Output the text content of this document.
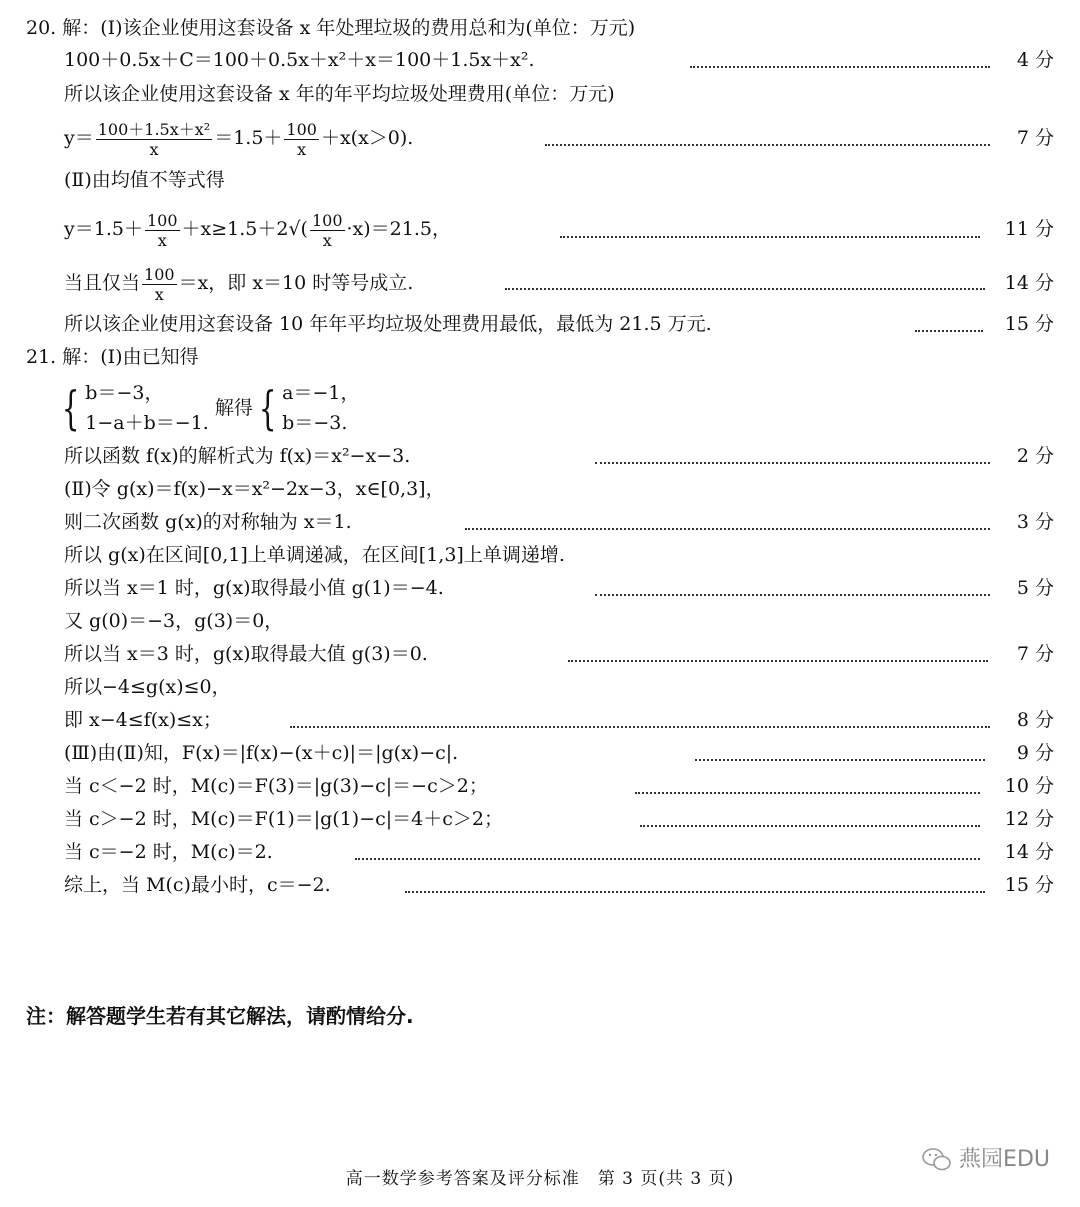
20. 解：(Ⅰ)该企业使用这套设备 x 年处理垃圾的费用总和为(单位：万元)
100＋0.5x＋C＝100＋0.5x＋x²＋x＝100＋1.5x＋x².	4 分
所以该企业使用这套设备 x 年的年平均垃圾处理费用(单位：万元)
$y= \frac{\text{100＋1.5x＋x²}}{x} =1.5+ \frac{100}{x} +x(x>0)$.	7 分
(Ⅱ)由均值不等式得
$y=1.5+ \frac{100}{x} +x\ge 1.5+2√( \frac{100}{x} \cdot x)=21.5$，	11 分
当且仅当 $\frac{100}{x} =x$，即 x＝10 时等号成立.	14 分
所以该企业使用这套设备 10 年年平均垃圾处理费用最低，最低为 21.5 万元.	15 分
21. 解：(Ⅰ)由已知得
{ b＝−3，
1−a＋b＝−1.
解得 { a＝−1，
b＝−3.
所以函数 f(x)的解析式为 f(x)＝x²−x−3.	2 分
(Ⅱ)令 g(x)＝f(x)−x＝x²−2x−3，x∈[0,3]，
则二次函数 g(x)的对称轴为 x＝1.	3 分
所以 g(x)在区间[0,1]上单调递减，在区间[1,3]上单调递增.
所以当 x＝1 时，g(x)取得最小值 g(1)＝−4.	5 分
又 g(0)＝−3，g(3)＝0，
所以当 x＝3 时，g(x)取得最大值 g(3)＝0.	7 分
所以−4≤g(x)≤0，
即 x−4≤f(x)≤x；	8 分
(Ⅲ)由(Ⅱ)知，F(x)＝|f(x)−(x＋c)|＝|g(x)−c|.	9 分
当 c＜−2 时，M(c)＝F(3)＝|g(3)−c|＝−c＞2；	10 分
当 c＞−2 时，M(c)＝F(1)＝|g(1)−c|＝4＋c＞2；	12 分
当 c＝−2 时，M(c)＝2.	14 分
综上，当 M(c)最小时，c＝−2.	15 分
注：解答题学生若有其它解法，请酌情给分.
燕园EDU
高一数学参考答案及评分标准　第 3 页(共 3 页)
